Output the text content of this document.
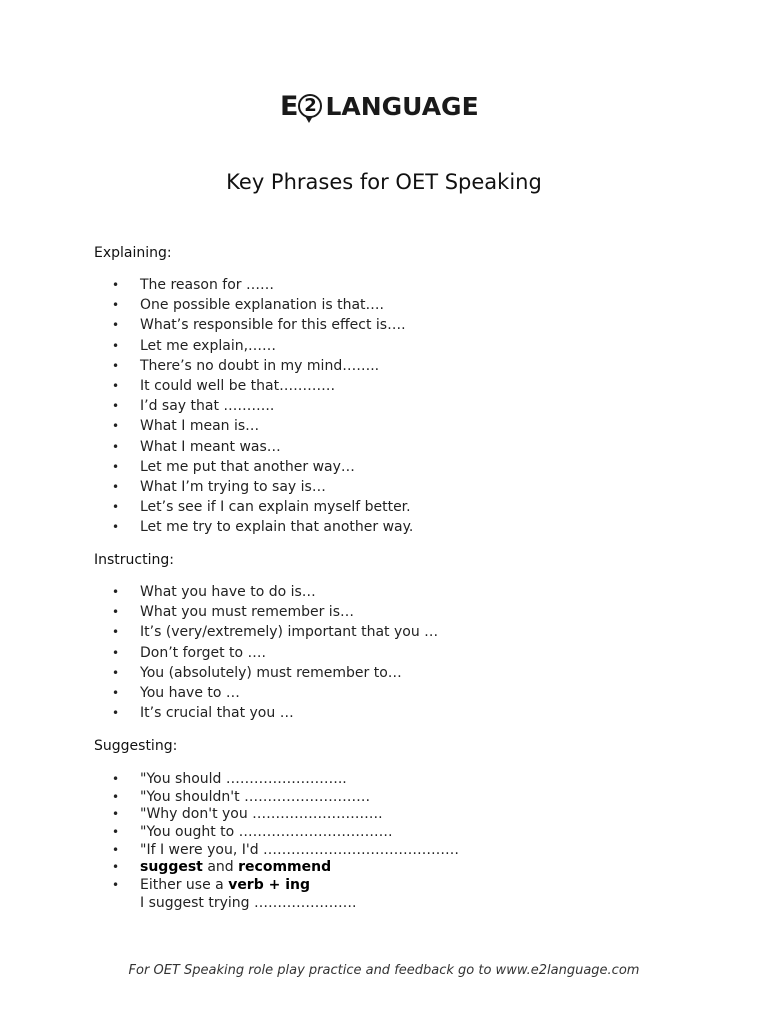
E 2 LANGUAGE
Key Phrases for OET Speaking
Explaining:
• The reason for ……
• One possible explanation is that….
• What’s responsible for this effect is….
• Let me explain,……
• There’s no doubt in my mind……..
• It could well be that…………
• I’d say that ………..
• What I mean is…
• What I meant was…
• Let me put that another way…
• What I’m trying to say is…
• Let’s see if I can explain myself better.
• Let me try to explain that another way.
Instructing:
• What you have to do is…
• What you must remember is…
• It’s (very/extremely) important that you …
• Don’t forget to ….
• You (absolutely) must remember to…
• You have to …
• It’s crucial that you …
Suggesting:
• "You should ……………………..
• "You shouldn't ………………………
• "Why don't you ……………………….
• "You ought to ……………………………
• "If I were you, I'd ……………………………………
• suggest and recommend
• Either use a verb + ing
I suggest trying ………………….
For OET Speaking role play practice and feedback go to www.e2language.com
